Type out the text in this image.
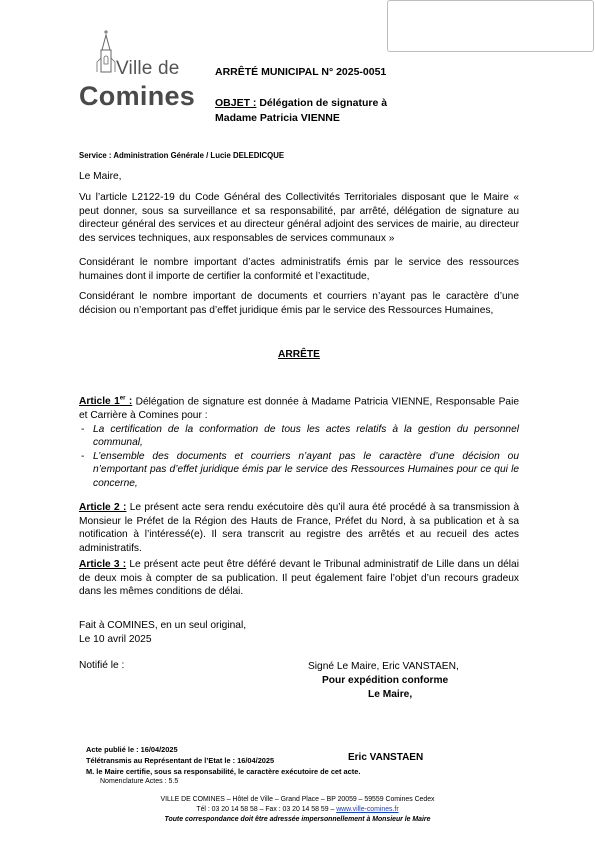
Ville de
Comines
ARRÊTÉ MUNICIPAL N° 2025-0051
OBJET : Délégation de signature à
Madame Patricia VIENNE
Service : Administration Générale / Lucie DELEDICQUE
Le Maire,
Vu l’article L2122-19 du Code Général des Collectivités Territoriales disposant que le Maire « peut donner, sous sa surveillance et sa responsabilité, par arrêté, délégation de signature au directeur général des services et au directeur général adjoint des services de mairie, au directeur des services techniques, aux responsables de services communaux »
Considérant le nombre important d’actes administratifs émis par le service des ressources humaines dont il importe de certifier la conformité et l’exactitude,
Considérant le nombre important de documents et courriers n’ayant pas le caractère d’une décision ou n’emportant pas d’effet juridique émis par le service des Ressources Humaines,
ARRÊTE
Article 1er : Délégation de signature est donnée à Madame Patricia VIENNE, Responsable Paie et Carrière à Comines pour :
- La certification de la conformation de tous les actes relatifs à la gestion du personnel communal,
- L’ensemble des documents et courriers n’ayant pas le caractère d’une décision ou n’emportant pas d’effet juridique émis par le service des Ressources Humaines pour ce qui le concerne,
Article 2 : Le présent acte sera rendu exécutoire dès qu’il aura été procédé à sa transmission à Monsieur le Préfet de la Région des Hauts de France, Préfet du Nord, à sa publication et à sa notification à l’intéressé(e). Il sera transcrit au registre des arrêtés et au recueil des actes administratifs.
Article 3 : Le présent acte peut être déféré devant le Tribunal administratif de Lille dans un délai de deux mois à compter de sa publication. Il peut également faire l’objet d’un recours gradeux dans les mêmes conditions de délai.
Fait à COMINES, en un seul original,
Le 10 avril 2025
Notifié le :	Signé Le Maire, Eric VANSTAEN,
Pour expédition conforme
Le Maire,
Acte publié le : 16/04/2025
Télétransmis au Représentant de l’Etat le : 16/04/2025
M. le Maire certifie, sous sa responsabilité, le caractère exécutoire de cet acte.
Eric VANSTAEN
Nomenclature Actes : 5.5
VILLE DE COMINES – Hôtel de Ville – Grand Place – BP 20059 – 59559 Comines Cedex
Tél : 03 20 14 58 58 – Fax : 03 20 14 58 59 – www.ville-comines.fr
Toute correspondance doit être adressée impersonnellement à Monsieur le Maire
